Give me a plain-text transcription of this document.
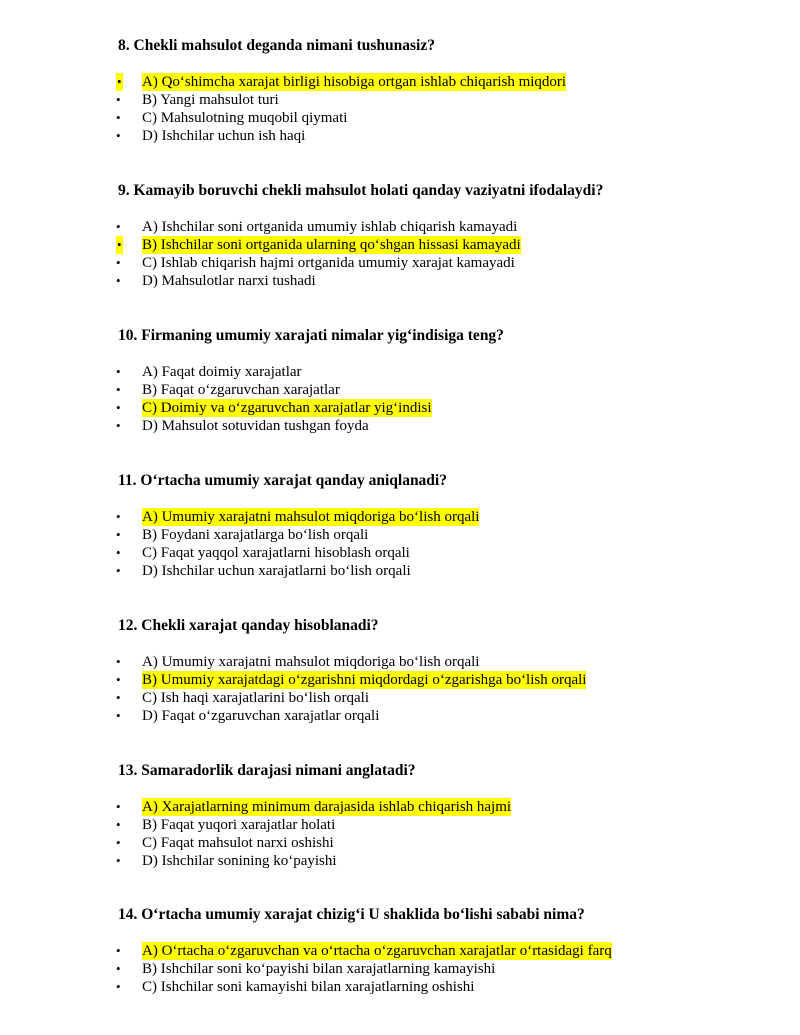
8. Chekli mahsulot deganda nimani tushunasiz?
• A) Qo‘shimcha xarajat birligi hisobiga ortgan ishlab chiqarish miqdori
• B) Yangi mahsulot turi
• C) Mahsulotning muqobil qiymati
• D) Ishchilar uchun ish haqi
9. Kamayib boruvchi chekli mahsulot holati qanday vaziyatni ifodalaydi?
• A) Ishchilar soni ortganida umumiy ishlab chiqarish kamayadi
• B) Ishchilar soni ortganida ularning qo‘shgan hissasi kamayadi
• C) Ishlab chiqarish hajmi ortganida umumiy xarajat kamayadi
• D) Mahsulotlar narxi tushadi
10. Firmaning umumiy xarajati nimalar yig‘indisiga teng?
• A) Faqat doimiy xarajatlar
• B) Faqat o‘zgaruvchan xarajatlar
• C) Doimiy va o‘zgaruvchan xarajatlar yig‘indisi
• D) Mahsulot sotuvidan tushgan foyda
11. O‘rtacha umumiy xarajat qanday aniqlanadi?
• A) Umumiy xarajatni mahsulot miqdoriga bo‘lish orqali
• B) Foydani xarajatlarga bo‘lish orqali
• C) Faqat yaqqol xarajatlarni hisoblash orqali
• D) Ishchilar uchun xarajatlarni bo‘lish orqali
12. Chekli xarajat qanday hisoblanadi?
• A) Umumiy xarajatni mahsulot miqdoriga bo‘lish orqali
• B) Umumiy xarajatdagi o‘zgarishni miqdordagi o‘zgarishga bo‘lish orqali
• C) Ish haqi xarajatlarini bo‘lish orqali
• D) Faqat o‘zgaruvchan xarajatlar orqali
13. Samaradorlik darajasi nimani anglatadi?
• A) Xarajatlarning minimum darajasida ishlab chiqarish hajmi
• B) Faqat yuqori xarajatlar holati
• C) Faqat mahsulot narxi oshishi
• D) Ishchilar sonining ko‘payishi
14. O‘rtacha umumiy xarajat chizig‘i U shaklida bo‘lishi sababi nima?
• A) O‘rtacha o‘zgaruvchan va o‘rtacha o‘zgaruvchan xarajatlar o‘rtasidagi farq
• B) Ishchilar soni ko‘payishi bilan xarajatlarning kamayishi
• C) Ishchilar soni kamayishi bilan xarajatlarning oshishi
